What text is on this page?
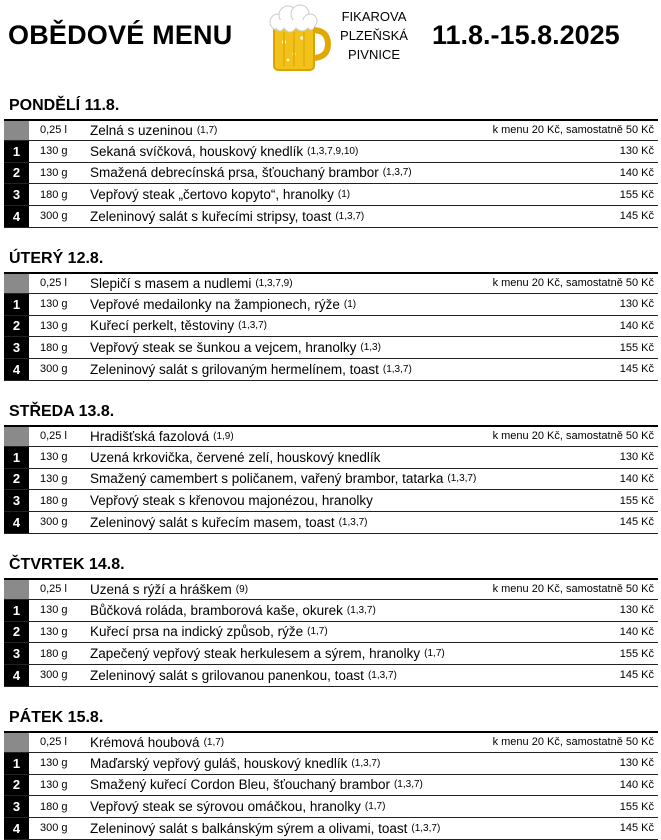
OBĚDOVÉ MENU
FIKAROVA
PLZEŇSKÁ
PIVNICE
11.8.-15.8.2025
PONDĚLÍ 11.8.
0,25 l Zelná s uzeninou (1,7)	k menu 20 Kč, samostatně 50 Kč
1	130 g Sekaná svíčková, houskový knedlík (1,3,7,9,10)	130 Kč
2	130 g Smažená debrecínská prsa, šťouchaný brambor (1,3,7)	140 Kč
3	180 g Vepřový steak „čertovo kopyto“, hranolky (1)	155 Kč
4	300 g Zeleninový salát s kuřecími stripsy, toast (1,3,7)	145 Kč
ÚTERÝ 12.8.
0,25 l Slepičí s masem a nudlemi (1,3,7,9)	k menu 20 Kč, samostatně 50 Kč
1	130 g Vepřové medailonky na žampionech, rýže (1)	130 Kč
2	130 g Kuřecí perkelt, těstoviny (1,3,7)	140 Kč
3	180 g Vepřový steak se šunkou a vejcem, hranolky (1,3)	155 Kč
4	300 g Zeleninový salát s grilovaným hermelínem, toast (1,3,7)	145 Kč
STŘEDA 13.8.
0,25 l Hradišťská fazolová (1,9)	k menu 20 Kč, samostatně 50 Kč
1	130 g Uzená krkovička, červené zelí, houskový knedlík	130 Kč
2	130 g Smažený camembert s poličanem, vařený brambor, tatarka (1,3,7)	140 Kč
3	180 g Vepřový steak s křenovou majonézou, hranolky	155 Kč
4	300 g Zeleninový salát s kuřecím masem, toast (1,3,7)	145 Kč
ČTVRTEK 14.8.
0,25 l Uzená s rýží a hráškem (9)	k menu 20 Kč, samostatně 50 Kč
1	130 g Bůčková roláda, bramborová kaše, okurek (1,3,7)	130 Kč
2	130 g Kuřecí prsa na indický způsob, rýže (1,7)	140 Kč
3	180 g Zapečený vepřový steak herkulesem a sýrem, hranolky (1,7)	155 Kč
4	300 g Zeleninový salát s grilovanou panenkou, toast (1,3,7)	145 Kč
PÁTEK 15.8.
0,25 l Krémová houbová (1,7)	k menu 20 Kč, samostatně 50 Kč
1	130 g Maďarský vepřový guláš, houskový knedlík (1,3,7)	130 Kč
2	130 g Smažený kuřecí Cordon Bleu, šťouchaný brambor (1,3,7)	140 Kč
3	180 g Vepřový steak se sýrovou omáčkou, hranolky (1,7)	155 Kč
4	300 g Zeleninový salát s balkánským sýrem a olivami, toast (1,3,7)	145 Kč
